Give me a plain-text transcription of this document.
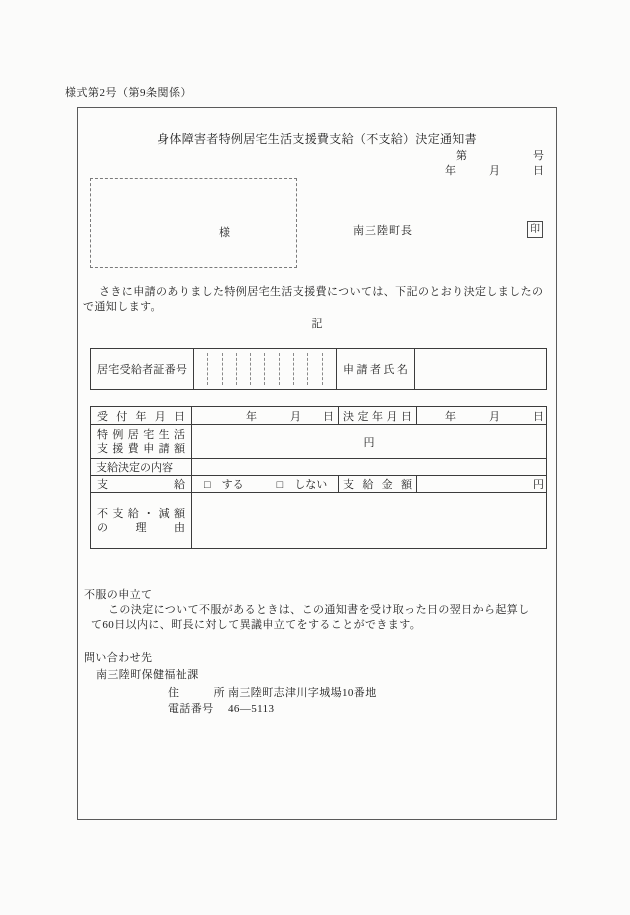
様式第2号（第9条関係）
身体障害者特例居宅生活支援費支給（不支給）決定通知書
第　　　　　　号
年　　　月　　　日
様	南三陸町長	印
さきに申請のありました特例居宅生活支援費については、下記のとおり決定しましたので通知します。
記
居宅受給者証番号		申請者氏名

受付年月日	年　　　月　　日	決定年月日	年　　　月　　　日

特例居宅生活
支援費申請額	円		
支給決定の内容			

支給	□　 する　　　 □　 しない	支給金額	円

不支給・減額
の理由			

不服の申立て
この決定について不服があるときは、この通知書を受け取った日の翌日から起算して60日以内に、町長に対して異議申立てをすることができます。
問い合わせ先
南三陸町保健福祉課
住　　　所 南三陸町志津川字城場10番地
電話番号	46―5113
